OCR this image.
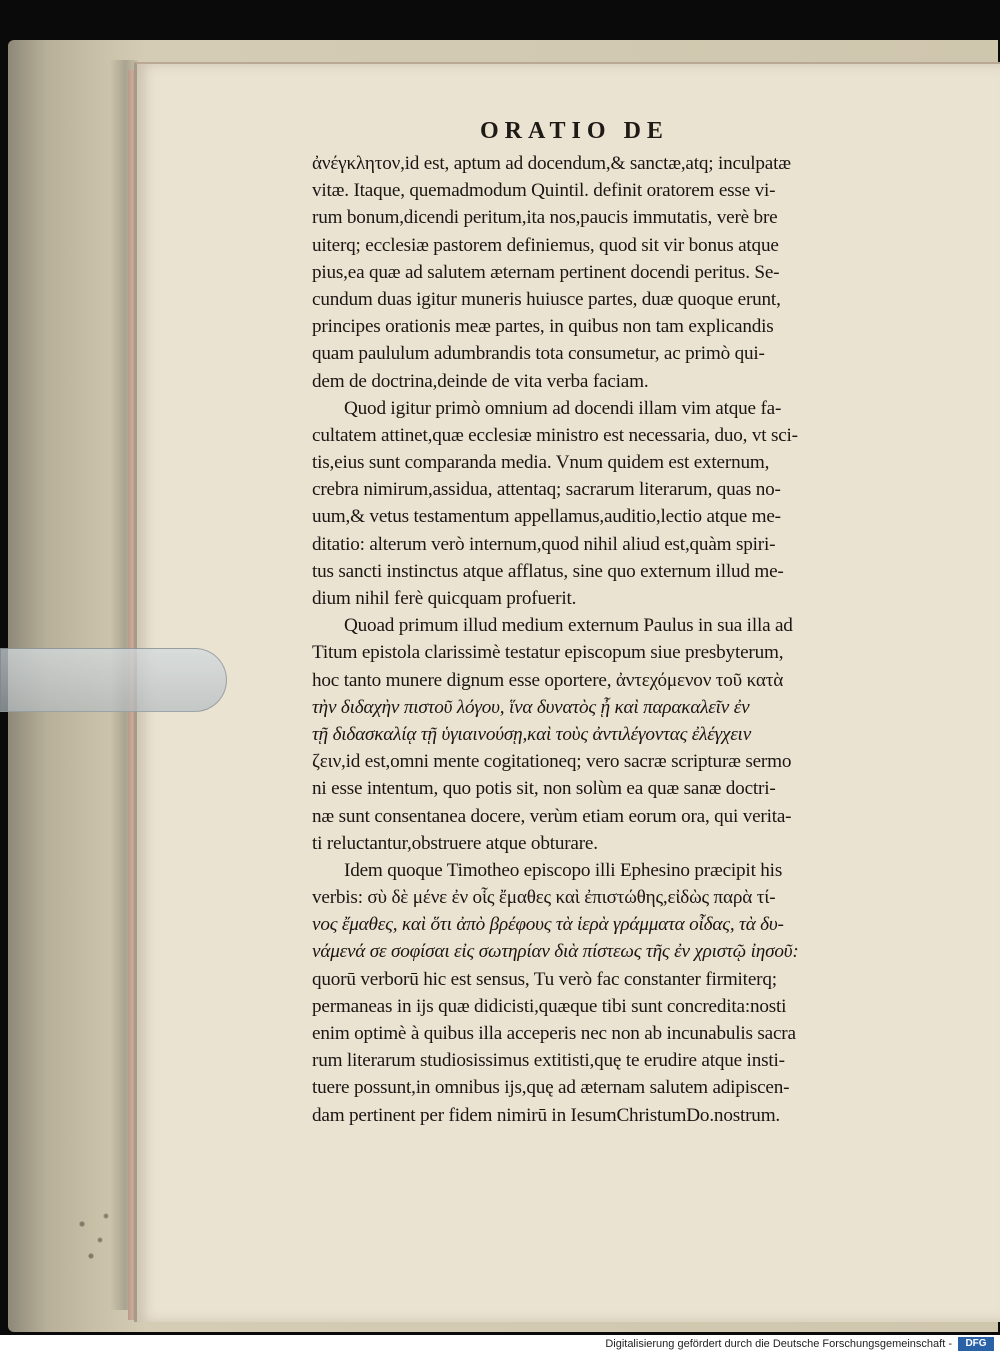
ORATIO DE
ἀνέγκλητον,id est, aptum ad docendum,& sanctæ,atq; inculpatæ
vitæ. Itaque, quemadmodum Quintil. definit oratorem esse vi-
rum bonum,dicendi peritum,ita nos,paucis immutatis, verè bre
uiterq; ecclesiæ pastorem definiemus, quod sit vir bonus atque
pius,ea quæ ad salutem æternam pertinent docendi peritus. Se-
cundum duas igitur muneris huiusce partes, duæ quoque erunt,
principes orationis meæ partes, in quibus non tam explicandis
quam paululum adumbrandis tota consumetur, ac primò qui-
dem de doctrina,deinde de vita verba faciam.
Quod igitur primò omnium ad docendi illam vim atque fa-
cultatem attinet,quæ ecclesiæ ministro est necessaria, duo, vt sci-
tis,eius sunt comparanda media. Vnum quidem est externum,
crebra nimirum,assidua, attentaq; sacrarum literarum, quas no-
uum,& vetus testamentum appellamus,auditio,lectio atque me-
ditatio: alterum verò internum,quod nihil aliud est,quàm spiri-
tus sancti instinctus atque afflatus, sine quo externum illud me-
dium nihil ferè quicquam profuerit.
Quoad primum illud medium externum Paulus in sua illa ad
Titum epistola clarissimè testatur episcopum siue presbyterum,
hoc tanto munere dignum esse oportere, ἀντεχόμενον τοῦ κατὰ
τὴν διδαχὴν πιστοῦ λόγου, ἵνα δυνατὸς ᾖ καὶ παρακαλεῖν ἐν
τῇ διδασκαλίᾳ τῇ ὑγιαινούσῃ,καὶ τοὺς ἀντιλέγοντας ἐλέγχειν
ζειν,id est,omni mente cogitationeq; vero sacræ scripturæ sermo
ni esse intentum, quo potis sit, non solùm ea quæ sanæ doctri-
næ sunt consentanea docere, verùm etiam eorum ora, qui verita-
ti reluctantur,obstruere atque obturare.
Idem quoque Timotheo episcopo illi Ephesino præcipit his
verbis: σὺ δὲ μένε ἐν οἷς ἔμαθες καὶ ἐπιστώθης,εἰδὼς παρὰ τί-
νος ἔμαθες, καὶ ὅτι ἀπὸ βρέφους τὰ ἱερὰ γράμματα οἶδας, τὰ δυ-
νάμενά σε σοφίσαι εἰς σωτηρίαν διὰ πίστεως τῆς ἐν χριστῷ ἰησοῦ:
quorū verborū hic est sensus, Tu verò fac constanter firmiterq;
permaneas in ijs quæ didicisti,quæque tibi sunt concredita:nosti
enim optimè à quibus illa acceperis nec non ab incunabulis sacra
rum literarum studiosissimus extitisti,quę te erudire atque insti-
tuere possunt,in omnibus ijs,quę ad æternam salutem adipiscen-
dam pertinent per fidem nimirū in IesumChristumDo.nostrum.
Digitalisierung gefördert durch die Deutsche Forschungsgemeinschaft -	DFG
